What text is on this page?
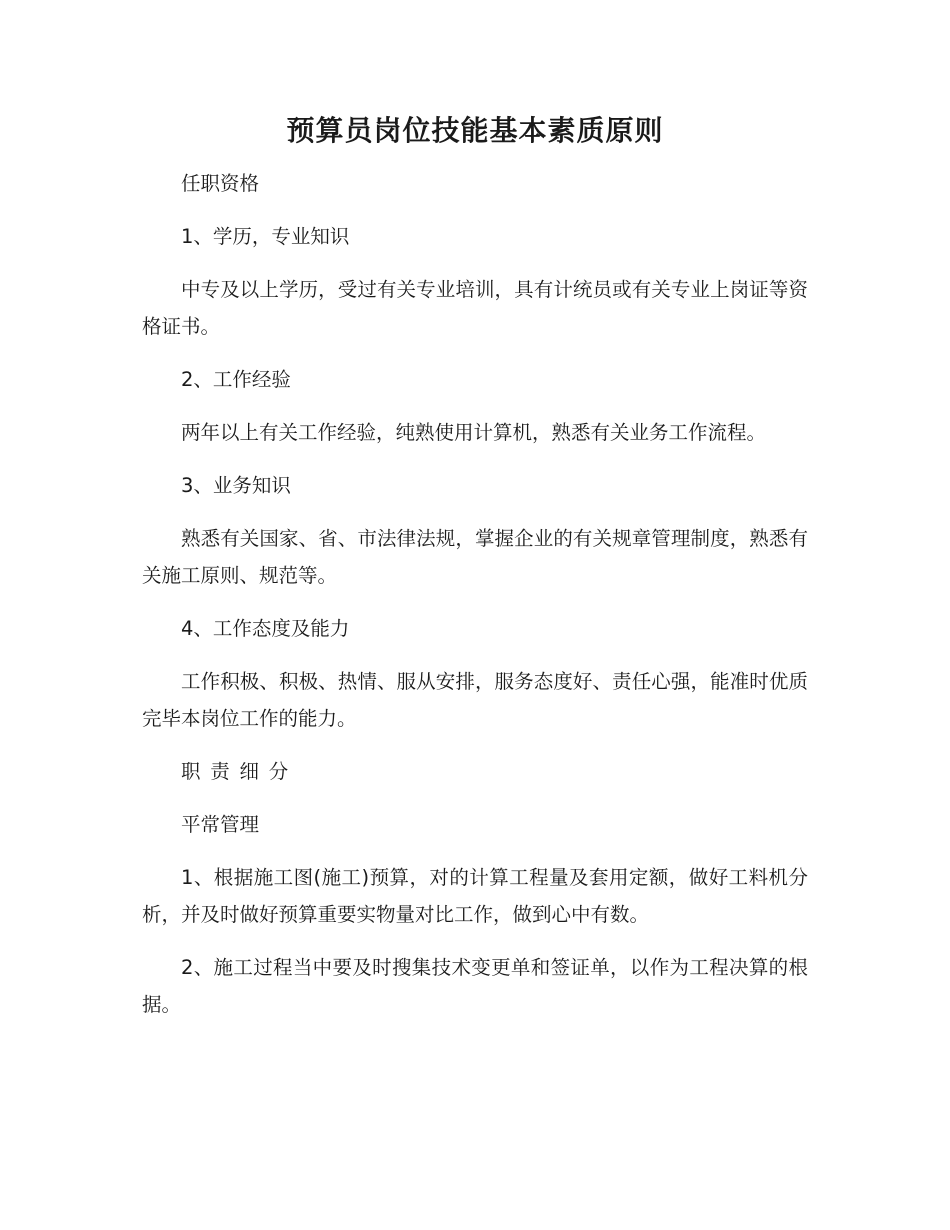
预算员岗位技能基本素质原则

任职资格

1、学历，专业知识

中专及以上学历，受过有关专业培训，具有计统员或有关专业上岗证等资格证书。

2、工作经验

两年以上有关工作经验，纯熟使用计算机，熟悉有关业务工作流程。

3、业务知识

熟悉有关国家、省、市法律法规，掌握企业的有关规章管理制度，熟悉有关施工原则、规范等。

4、工作态度及能力

工作积极、积极、热情、服从安排，服务态度好、责任心强，能准时优质完毕本岗位工作的能力。

职责细分

平常管理

1、根据施工图(施工)预算，对的计算工程量及套用定额，做好工料机分析，并及时做好预算重要实物量对比工作，做到心中有数。

2、施工过程当中要及时搜集技术变更单和签证单，以作为工程决算的根据。
